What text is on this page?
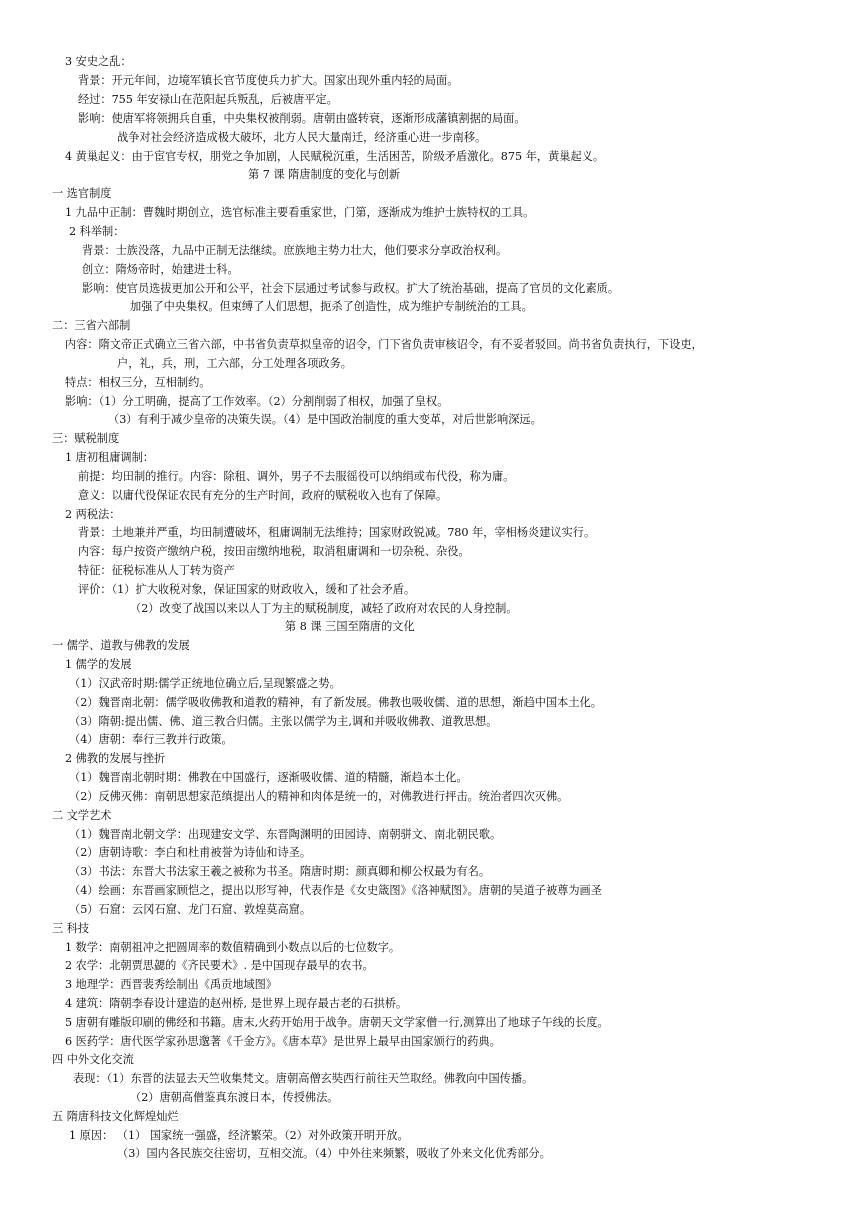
3 安史之乱：
背景：开元年间，边境军镇长官节度使兵力扩大。国家出现外重内轻的局面。
经过：755 年安禄山在范阳起兵叛乱，后被唐平定。
影响：使唐军将领拥兵自重，中央集权被削弱。唐朝由盛转衰，逐渐形成藩镇割据的局面。
战争对社会经济造成极大破坏，北方人民大量南迁，经济重心进一步南移。
4 黄巢起义：由于宦官专权，朋党之争加剧，人民赋税沉重，生活困苦，阶级矛盾激化。875 年，黄巢起义。
第 7 课 隋唐制度的变化与创新
一 选官制度
1 九品中正制：曹魏时期创立，选官标准主要看重家世，门第，逐渐成为维护士族特权的工具。
2 科举制：
背景：士族没落，九品中正制无法继续。庶族地主势力壮大，他们要求分享政治权利。
创立：隋炀帝时，始建进士科。
影响：使官员选拔更加公开和公平，社会下层通过考试参与政权。扩大了统治基础，提高了官员的文化素质。
加强了中央集权。但束缚了人们思想，扼杀了创造性，成为维护专制统治的工具。
二：三省六部制
内容：隋文帝正式确立三省六部，中书省负责草拟皇帝的诏令，门下省负责审核诏令，有不妥者驳回。尚书省负责执行，下设吏，
户，礼，兵，刑，工六部，分工处理各项政务。
特点：相权三分，互相制约。
影响：（1）分工明确，提高了工作效率。（2）分割削弱了相权，加强了皇权。
（3）有利于减少皇帝的决策失误。（4）是中国政治制度的重大变革，对后世影响深远。
三：赋税制度
1 唐初租庸调制：
前提：均田制的推行。内容：除租、调外，男子不去服徭役可以纳绢或布代役，称为庸。
意义：以庸代役保证农民有充分的生产时间，政府的赋税收入也有了保障。
2 两税法：
背景：土地兼并严重，均田制遭破坏，租庸调制无法维持；国家财政锐减。780 年，宰相杨炎建议实行。
内容：每户按资产缴纳户税，按田亩缴纳地税，取消租庸调和一切杂税、杂役。
特征：征税标准从人丁转为资产
评价：（1）扩大收税对象，保证国家的财政收入，缓和了社会矛盾。
（2）改变了战国以来以人丁为主的赋税制度，减轻了政府对农民的人身控制。
第 8 课 三国至隋唐的文化
一 儒学、道教与佛教的发展
1 儒学的发展
（1）汉武帝时期:儒学正统地位确立后,呈现繁盛之势。
（2）魏晋南北朝：儒学吸收佛教和道教的精神，有了新发展。佛教也吸收儒、道的思想，渐趋中国本土化。
（3）隋朝:提出儒、佛、道三教合归儒。主张以儒学为主,调和并吸收佛教、道教思想。
（4）唐朝：奉行三教并行政策。
2 佛教的发展与挫折
（1）魏晋南北朝时期：佛教在中国盛行，逐渐吸收儒、道的精髓，渐趋本土化。
（2）反佛灭佛：南朝思想家范缜提出人的精神和肉体是统一的，对佛教进行抨击。统治者四次灭佛。
二 文学艺术
（1）魏晋南北朝文学：出现建安文学、东晋陶渊明的田园诗、南朝骈文、南北朝民歌。
（2）唐朝诗歌：李白和杜甫被誉为诗仙和诗圣。
（3）书法：东晋大书法家王羲之被称为书圣。隋唐时期：颜真卿和柳公权最为有名。
（4）绘画：东晋画家顾恺之，提出以形写神，代表作是《女史箴图》《洛神赋图》。唐朝的吴道子被尊为画圣
（5）石窟：云冈石窟、龙门石窟、敦煌莫高窟。
三 科技
1 数学：南朝祖冲之把圆周率的数值精确到小数点以后的七位数字。
2 农学：北朝贾思勰的《齐民要术》. 是中国现存最早的农书。
3 地理学：西晋裴秀绘制出《禹贡地域图》
4 建筑：隋朝李春设计建造的赵州桥, 是世界上现存最古老的石拱桥。
5 唐朝有雕版印刷的佛经和书籍。唐末,火药开始用于战争。唐朝天文学家僧一行,测算出了地球子午线的长度。
6 医药学：唐代医学家孙思邈著《千金方》。《唐本草》是世界上最早由国家颁行的药典。
四 中外文化交流
表现：（1）东晋的法显去天竺收集梵文。唐朝高僧玄奘西行前往天竺取经。佛教向中国传播。
（2）唐朝高僧鉴真东渡日本，传授佛法。
五 隋唐科技文化辉煌灿烂
1 原因： （1） 国家统一强盛，经济繁荣。（2）对外政策开明开放。
（3）国内各民族交往密切，互相交流。（4）中外往来频繁，吸收了外来文化优秀部分。
